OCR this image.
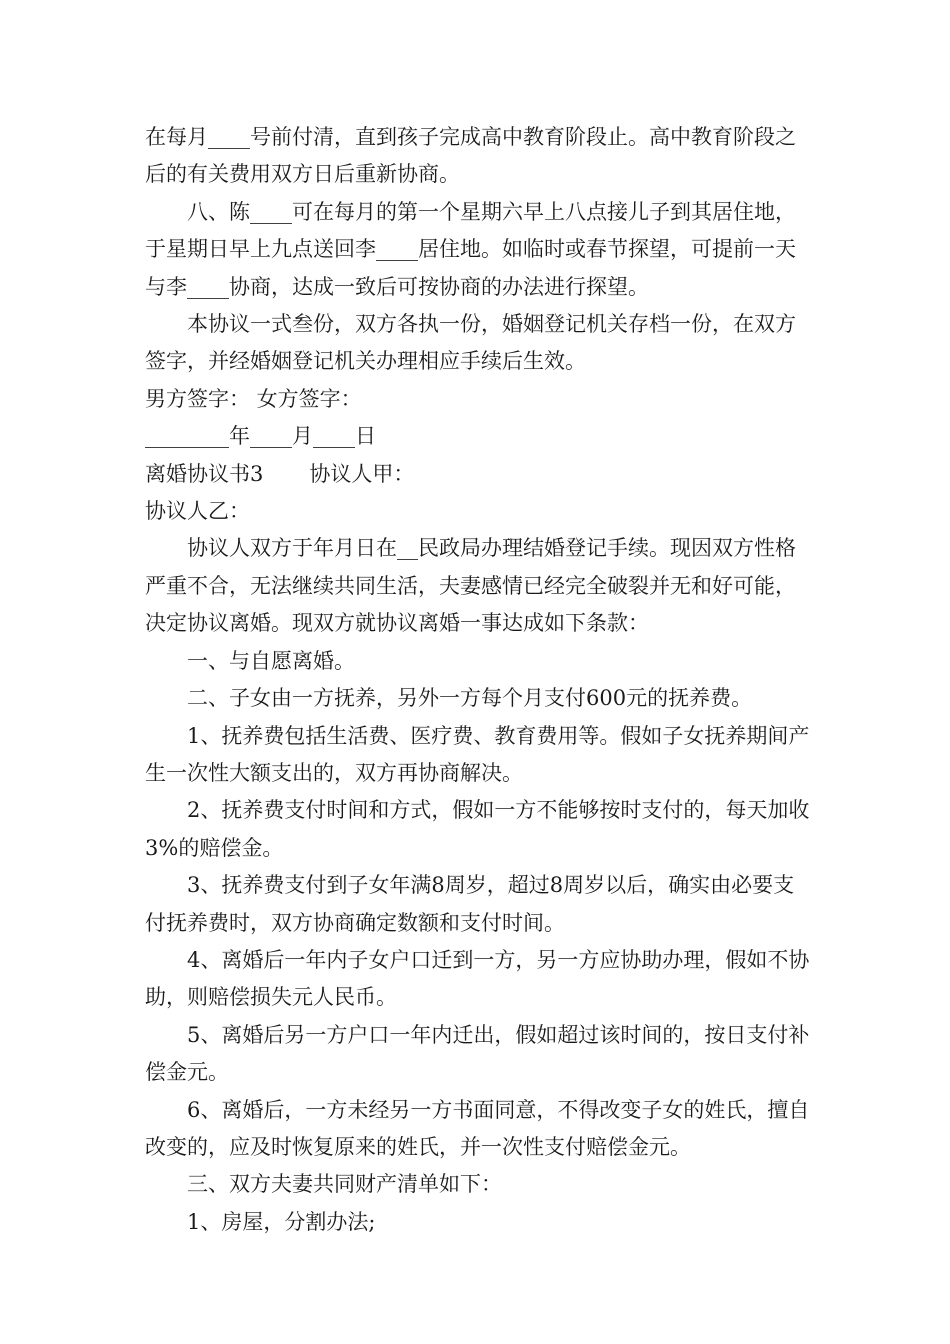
在每月____号前付清，直到孩子完成高中教育阶段止。高中教育阶段之后的有关费用双方日后重新协商。

八、陈____可在每月的第一个星期六早上八点接儿子到其居住地，于星期日早上九点送回李____居住地。如临时或春节探望，可提前一天与李____协商，达成一致后可按协商的办法进行探望。

本协议一式叁份，双方各执一份，婚姻登记机关存档一份，在双方签字，并经婚姻登记机关办理相应手续后生效。

男方签字： 女方签字：

________年____月____日

离婚协议书3 协议人甲：

协议人乙：

协议人双方于年月日在__民政局办理结婚登记手续。现因双方性格严重不合，无法继续共同生活，夫妻感情已经完全破裂并无和好可能，决定协议离婚。现双方就协议离婚一事达成如下条款：

一、与自愿离婚。

二、子女由一方抚养，另外一方每个月支付600元的抚养费。

1、抚养费包括生活费、医疗费、教育费用等。假如子女抚养期间产生一次性大额支出的，双方再协商解决。

2、抚养费支付时间和方式，假如一方不能够按时支付的，每天加收3%的赔偿金。

3、抚养费支付到子女年满8周岁，超过8周岁以后，确实由必要支付抚养费时，双方协商确定数额和支付时间。

4、离婚后一年内子女户口迁到一方，另一方应协助办理，假如不协助，则赔偿损失元人民币。

5、离婚后另一方户口一年内迁出，假如超过该时间的，按日支付补偿金元。

6、离婚后，一方未经另一方书面同意，不得改变子女的姓氏，擅自改变的，应及时恢复原来的姓氏，并一次性支付赔偿金元。

三、双方夫妻共同财产清单如下：

1、房屋，分割办法;
